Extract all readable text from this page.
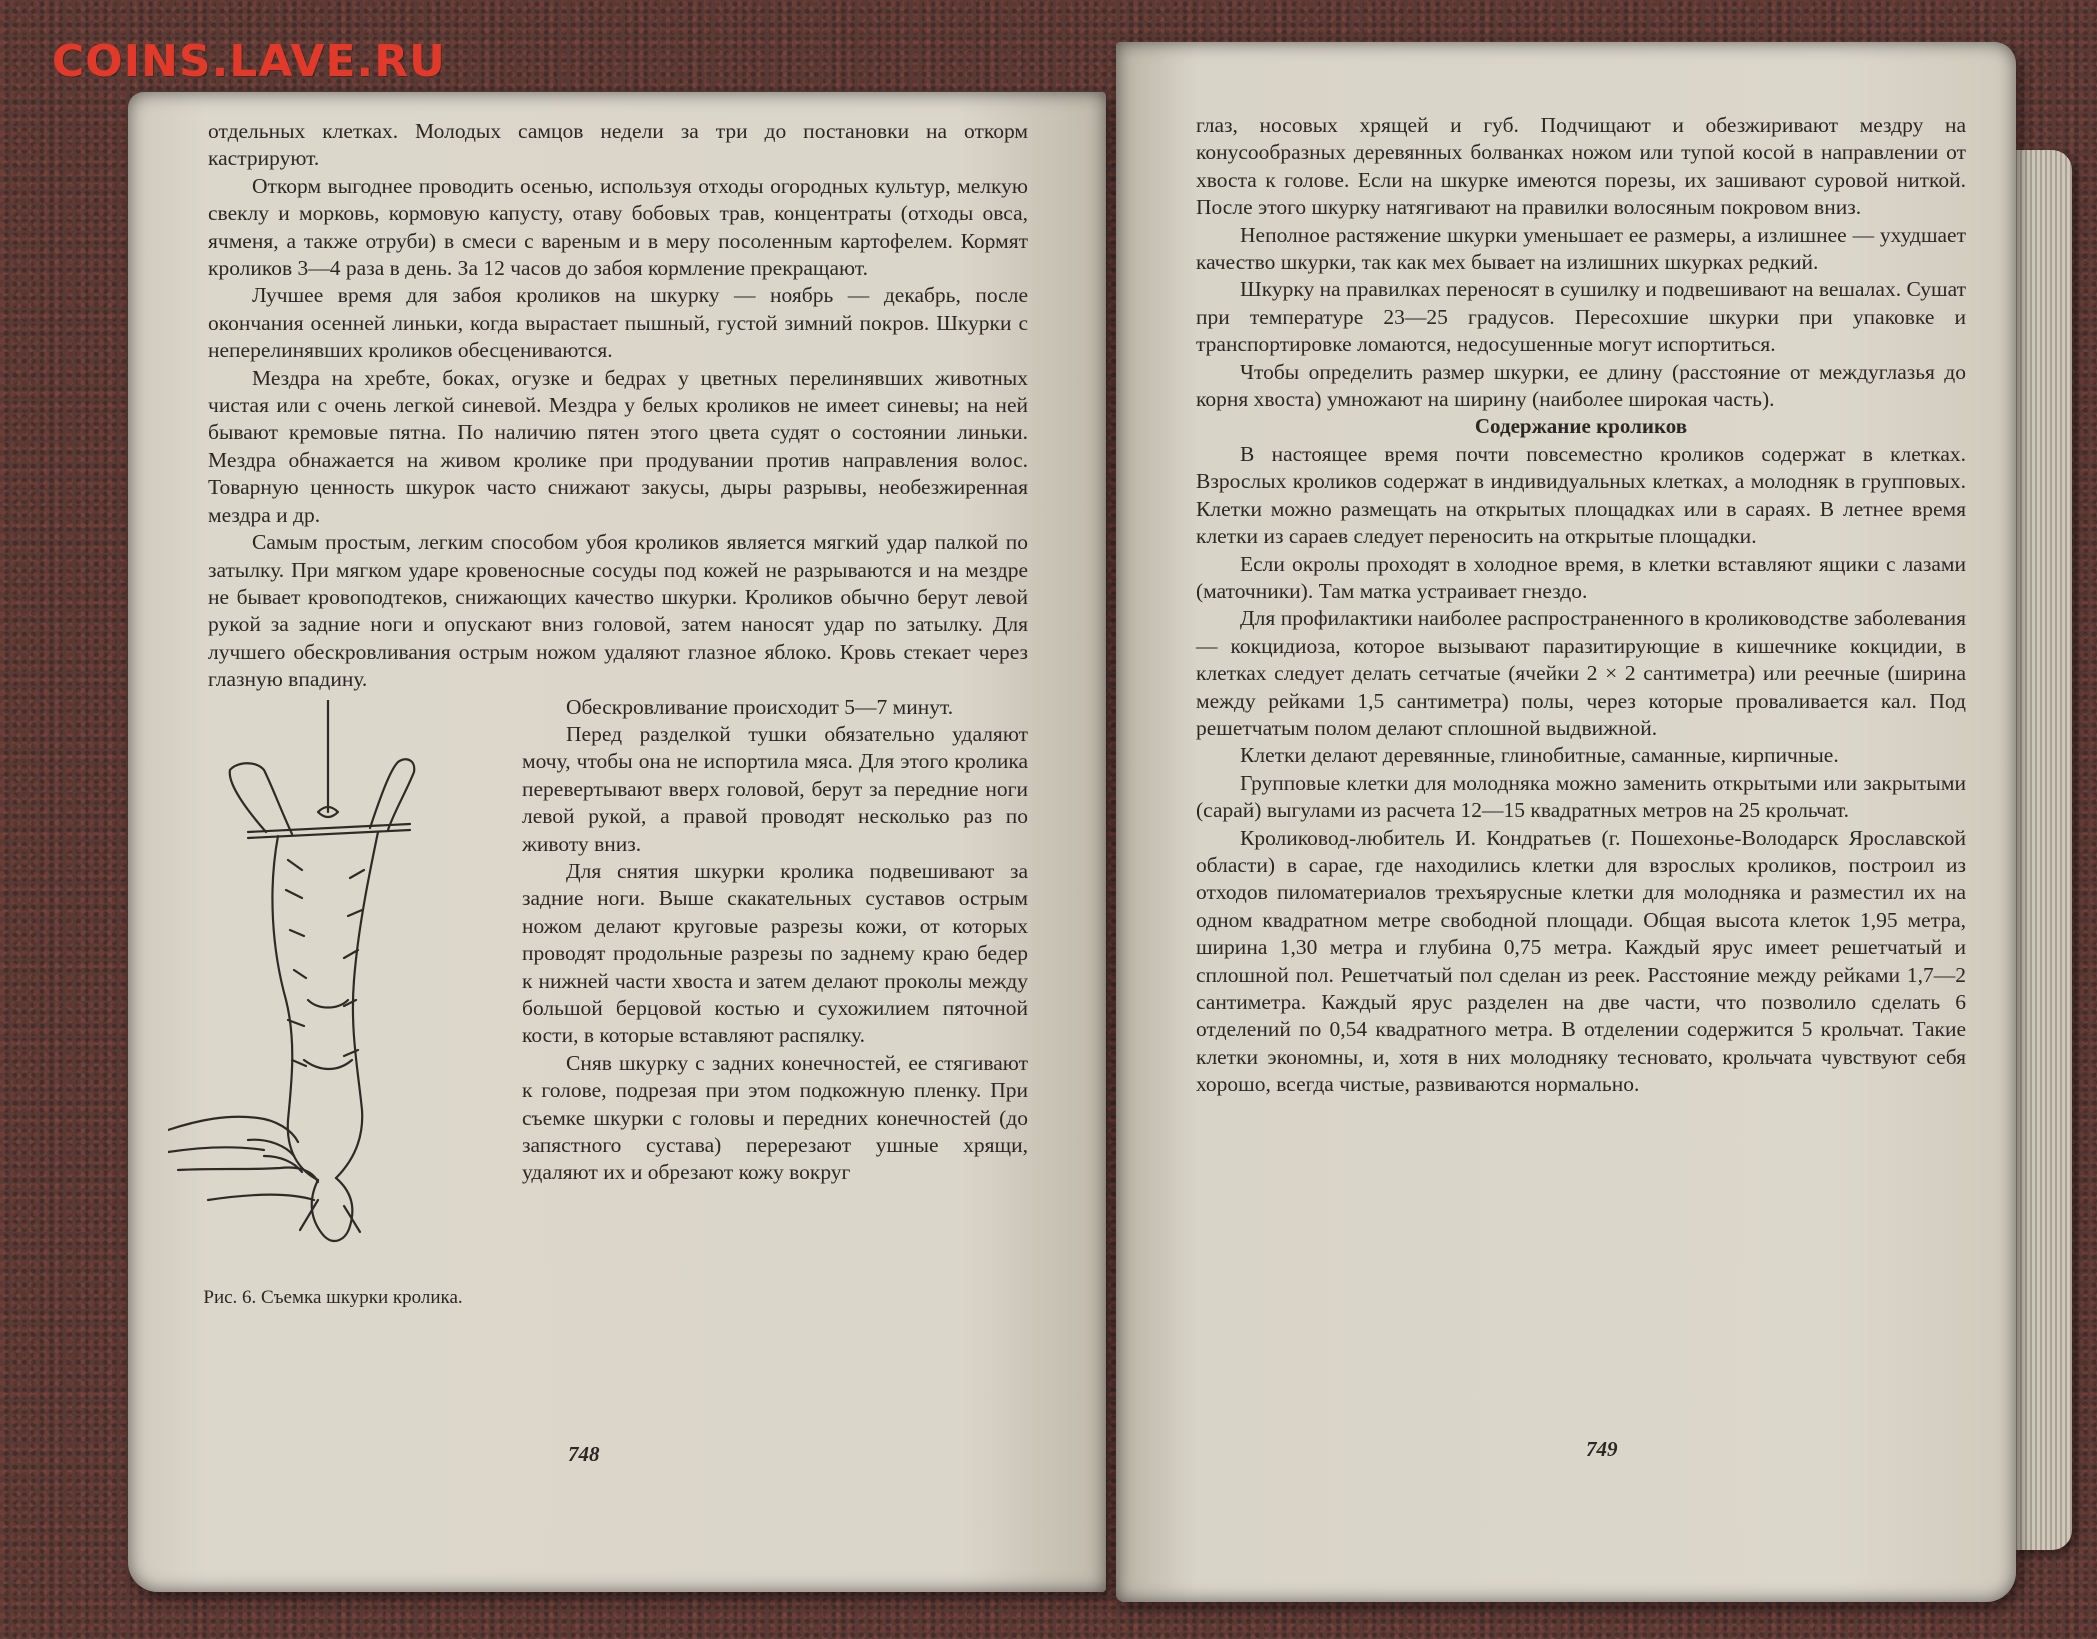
COINS.LAVE.RU

отдельных клетках. Молодых самцов недели за три до постановки на откорм кастрируют.

Откорм выгоднее проводить осенью, используя отходы огородных культур, мелкую свеклу и морковь, кормовую капусту, отаву бобовых трав, концентраты (отходы овса, ячменя, а также отруби) в смеси с вареным и в меру посоленным картофелем. Кормят кроликов 3—4 раза в день. За 12 часов до забоя кормление прекращают.

Лучшее время для забоя кроликов на шкурку — ноябрь — декабрь, после окончания осенней линьки, когда вырастает пышный, густой зимний покров. Шкурки с неперелинявших кроликов обесцениваются.

Мездра на хребте, боках, огузке и бедрах у цветных перелинявших животных чистая или с очень легкой синевой. Мездра у белых кроликов не имеет синевы; на ней бывают кремовые пятна. По наличию пятен этого цвета судят о состоянии линьки. Мездра обнажается на живом кролике при продувании против направления волос. Товарную ценность шкурок часто снижают закусы, дыры разрывы, необезжиренная мездра и др.

Самым простым, легким способом убоя кроликов является мягкий удар палкой по затылку. При мягком ударе кровеносные сосуды под кожей не разрываются и на мездре не бывает кровоподтеков, снижающих качество шкурки. Кроликов обычно берут левой рукой за задние ноги и опускают вниз головой, затем наносят удар по затылку. Для лучшего обескровливания острым ножом удаляют глазное яблоко. Кровь стекает через глазную впадину.

Рис. 6. Съемка шкурки кролика.

Обескровливание происходит 5—7 минут.

Перед разделкой тушки обязательно удаляют мочу, чтобы она не испортила мяса. Для этого кролика перевертывают вверх головой, берут за передние ноги левой рукой, а правой проводят несколько раз по животу вниз.

Для снятия шкурки кролика подвешивают за задние ноги. Выше скакательных суставов острым ножом делают круговые разрезы кожи, от которых проводят продольные разрезы по заднему краю бедер к нижней части хвоста и затем делают проколы между большой берцовой костью и сухожилием пяточной кости, в которые вставляют распялку.

Сняв шкурку с задних конечностей, ее стягивают к голове, подрезая при этом подкожную пленку. При съемке шкурки с головы и передних конечностей (до запястного сустава) перерезают ушные хрящи, удаляют их и обрезают кожу вокруг

748

глаз, носовых хрящей и губ. Подчищают и обезжиривают мездру на конусообразных деревянных болванках ножом или тупой косой в направлении от хвоста к голове. Если на шкурке имеются порезы, их зашивают суровой ниткой. После этого шкурку натягивают на правилки волосяным покровом вниз.

Неполное растяжение шкурки уменьшает ее размеры, а излишнее — ухудшает качество шкурки, так как мех бывает на излишних шкурках редкий.

Шкурку на правилках переносят в сушилку и подвешивают на вешалах. Сушат при температуре 23—25 градусов. Пересохшие шкурки при упаковке и транспортировке ломаются, недосушенные могут испортиться.

Чтобы определить размер шкурки, ее длину (расстояние от междуглазья до корня хвоста) умножают на ширину (наиболее широкая часть).

Содержание кроликов

В настоящее время почти повсеместно кроликов содержат в клетках. Взрослых кроликов содержат в индивидуальных клетках, а молодняк в групповых. Клетки можно размещать на открытых площадках или в сараях. В летнее время клетки из сараев следует переносить на открытые площадки.

Если окролы проходят в холодное время, в клетки вставляют ящики с лазами (маточники). Там матка устраивает гнездо.

Для профилактики наиболее распространенного в кролиководстве заболевания — кокцидиоза, которое вызывают паразитирующие в кишечнике кокцидии, в клетках следует делать сетчатые (ячейки 2 × 2 сантиметра) или реечные (ширина между рейками 1,5 сантиметра) полы, через которые проваливается кал. Под решетчатым полом делают сплошной выдвижной.

Клетки делают деревянные, глинобитные, саманные, кирпичные.

Групповые клетки для молодняка можно заменить открытыми или закрытыми (сарай) выгулами из расчета 12—15 квадратных метров на 25 крольчат.

Кроликовод-любитель И. Кондратьев (г. Пошехонье-Володарск Ярославской области) в сарае, где находились клетки для взрослых кроликов, построил из отходов пиломатериалов трехъярусные клетки для молодняка и разместил их на одном квадратном метре свободной площади. Общая высота клеток 1,95 метра, ширина 1,30 метра и глубина 0,75 метра. Каждый ярус имеет решетчатый и сплошной пол. Решетчатый пол сделан из реек. Расстояние между рейками 1,7—2 сантиметра. Каждый ярус разделен на две части, что позволило сделать 6 отделений по 0,54 квадратного метра. В отделении содержится 5 крольчат. Такие клетки экономны, и, хотя в них молодняку тесновато, крольчата чувствуют себя хорошо, всегда чистые, развиваются нормально.

749
